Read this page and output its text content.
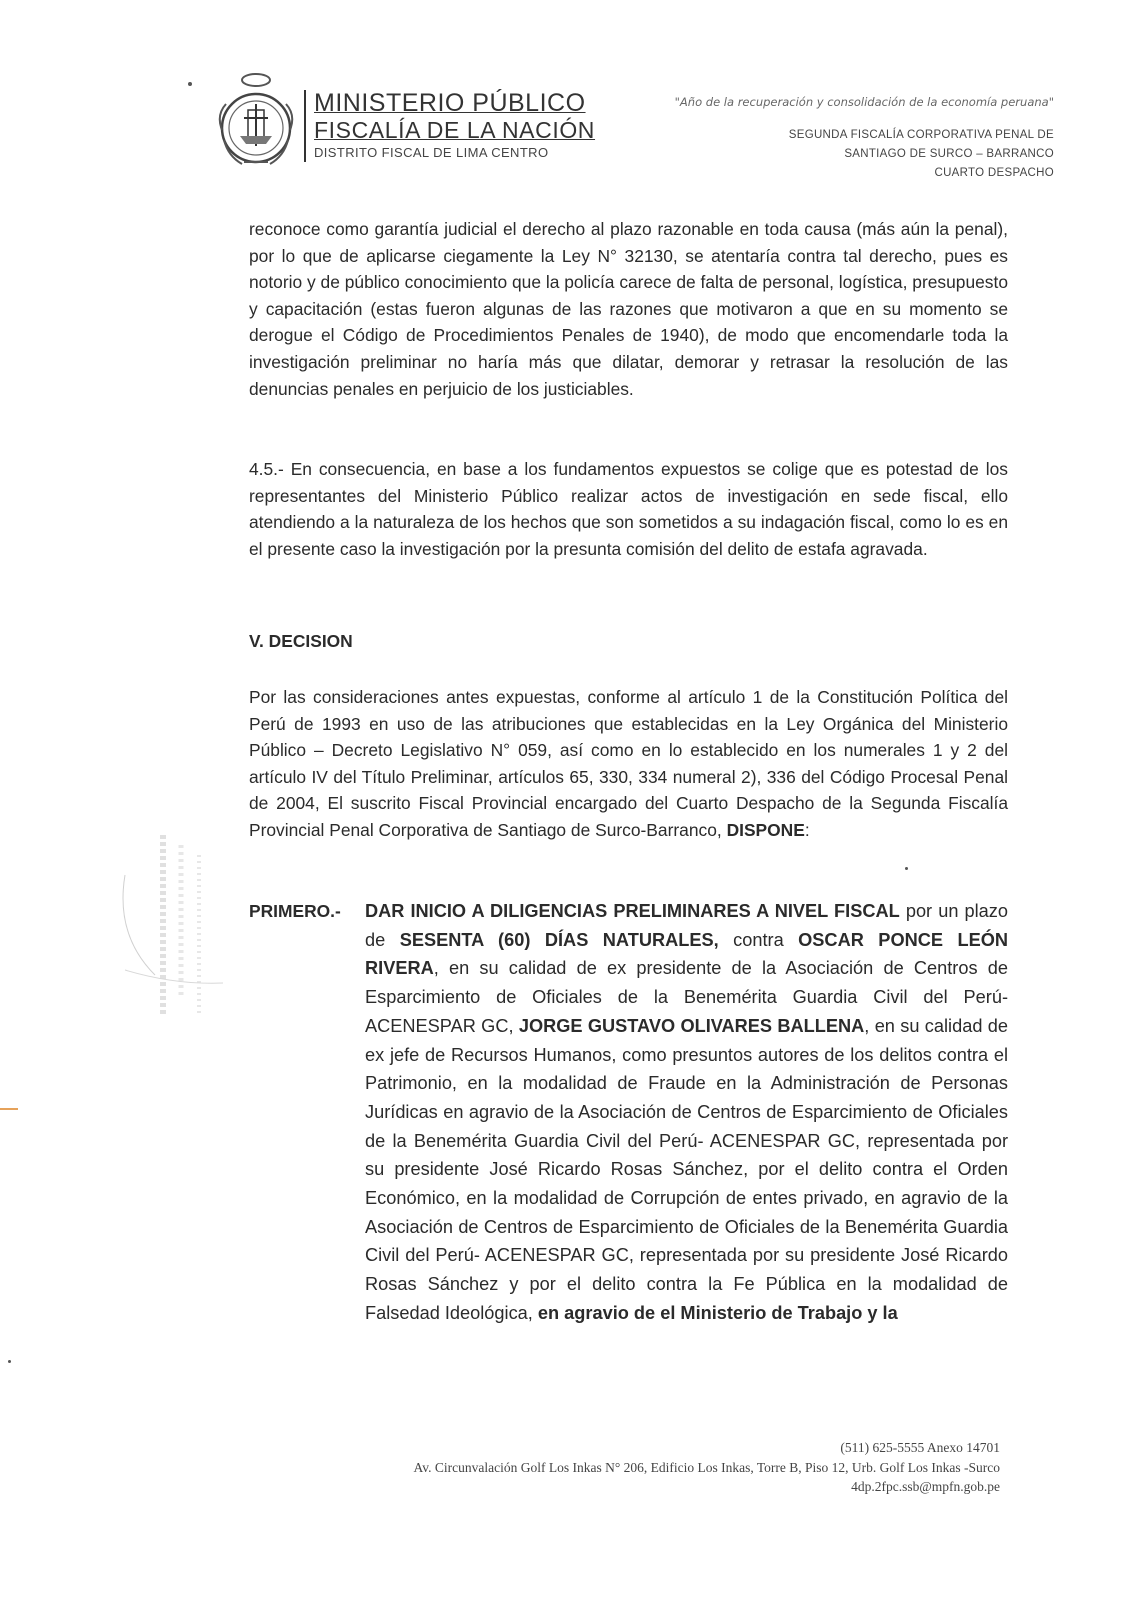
MINISTERIO PÚBLICO
FISCALÍA DE LA NACIÓN
DISTRITO FISCAL DE LIMA CENTRO
"Año de la recuperación y consolidación de la economía peruana"
SEGUNDA FISCALÍA CORPORATIVA PENAL DE
SANTIAGO DE SURCO – BARRANCO
CUARTO DESPACHO
reconoce como garantía judicial el derecho al plazo razonable en toda causa (más aún la penal), por lo que de aplicarse ciegamente la Ley N° 32130, se atentaría contra tal derecho, pues es notorio y de público conocimiento que la policía carece de falta de personal, logística, presupuesto y capacitación (estas fueron algunas de las razones que motivaron a que en su momento se derogue el Código de Procedimientos Penales de 1940), de modo que encomendarle toda la investigación preliminar no haría más que dilatar, demorar y retrasar la resolución de las denuncias penales en perjuicio de los justiciables.
4.5.- En consecuencia, en base a los fundamentos expuestos se colige que es potestad de los representantes del Ministerio Público realizar actos de investigación en sede fiscal, ello atendiendo a la naturaleza de los hechos que son sometidos a su indagación fiscal, como lo es en el presente caso la investigación por la presunta comisión del delito de estafa agravada.
V. DECISION
Por las consideraciones antes expuestas, conforme al artículo 1 de la Constitución Política del Perú de 1993 en uso de las atribuciones que establecidas en la Ley Orgánica del Ministerio Público – Decreto Legislativo N° 059, así como en lo establecido en los numerales 1 y 2 del artículo IV del Título Preliminar, artículos 65, 330, 334 numeral 2), 336 del Código Procesal Penal de 2004, El suscrito Fiscal Provincial encargado del Cuarto Despacho de la Segunda Fiscalía Provincial Penal Corporativa de Santiago de Surco-Barranco, DISPONE:
PRIMERO.- DAR INICIO A DILIGENCIAS PRELIMINARES A NIVEL FISCAL por un plazo de SESENTA (60) DÍAS NATURALES, contra OSCAR PONCE LEÓN RIVERA, en su calidad de ex presidente de la Asociación de Centros de Esparcimiento de Oficiales de la Benemérita Guardia Civil del Perú- ACENESPAR GC, JORGE GUSTAVO OLIVARES BALLENA, en su calidad de ex jefe de Recursos Humanos, como presuntos autores de los delitos contra el Patrimonio, en la modalidad de Fraude en la Administración de Personas Jurídicas en agravio de la Asociación de Centros de Esparcimiento de Oficiales de la Benemérita Guardia Civil del Perú- ACENESPAR GC, representada por su presidente José Ricardo Rosas Sánchez, por el delito contra el Orden Económico, en la modalidad de Corrupción de entes privado, en agravio de la Asociación de Centros de Esparcimiento de Oficiales de la Benemérita Guardia Civil del Perú- ACENESPAR GC, representada por su presidente José Ricardo Rosas Sánchez y por el delito contra la Fe Pública en la modalidad de Falsedad Ideológica, en agravio de el Ministerio de Trabajo y la
(511) 625-5555 Anexo 14701
Av. Circunvalación Golf Los Inkas N° 206, Edificio Los Inkas, Torre B, Piso 12, Urb. Golf Los Inkas -Surco
4dp.2fpc.ssb@mpfn.gob.pe
